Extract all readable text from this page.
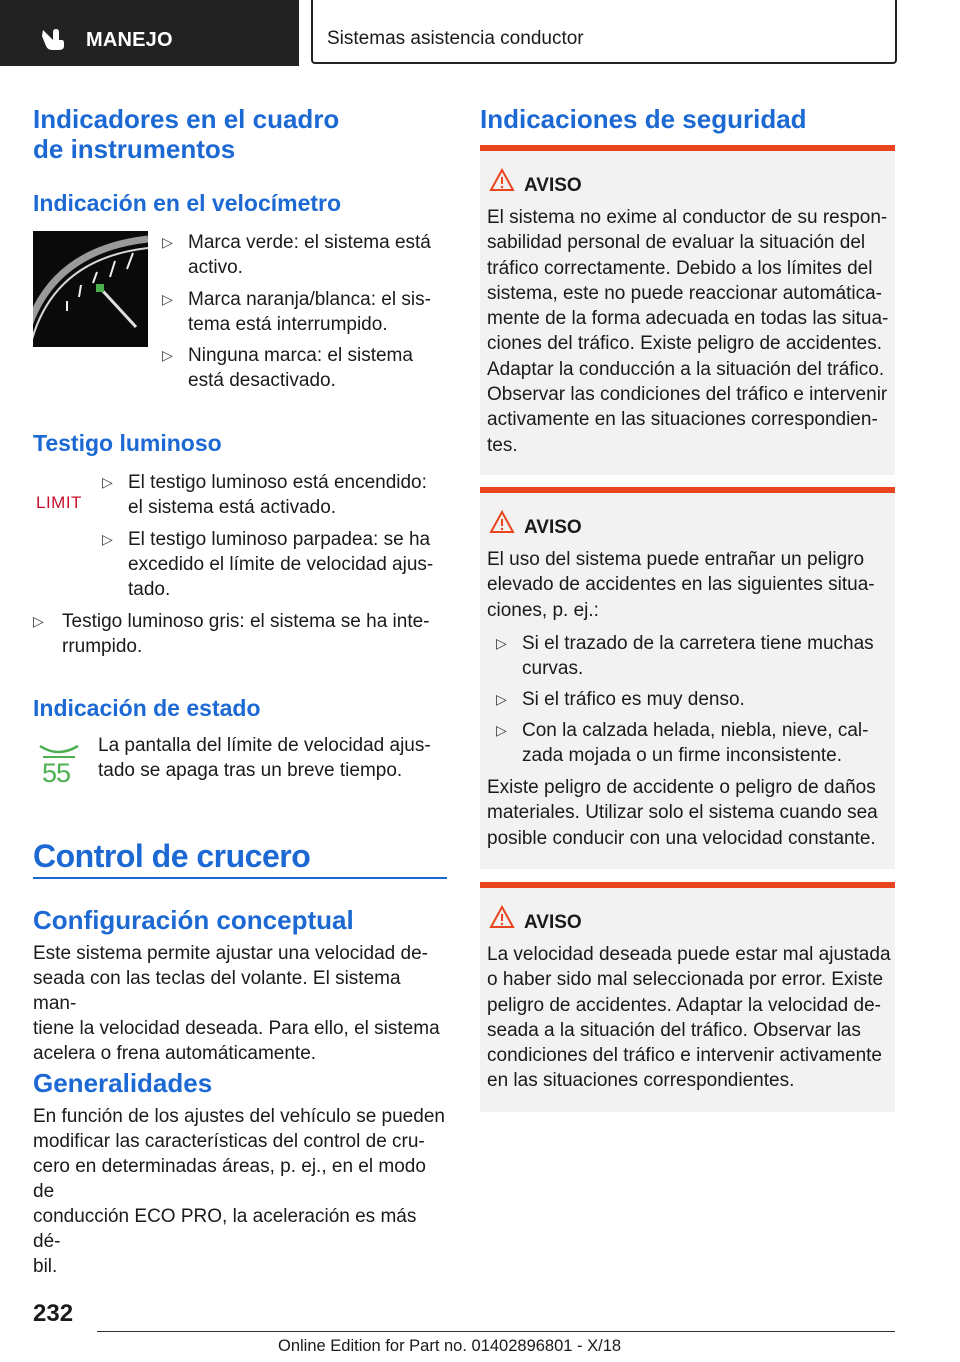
MANEJO	Sistemas asistencia conductor
Indicadores en el cuadro
de instrumentos
Indicación en el velocímetro
▷ Marca verde: el sistema está
activo.
▷ Marca naranja/blanca: el sis-
tema está interrumpido.
▷ Ninguna marca: el sistema
está desactivado.
Testigo luminoso
LIMIT
▷ El testigo luminoso está encendido:
el sistema está activado.
▷ El testigo luminoso parpadea: se ha
excedido el límite de velocidad ajus-
tado.
▷ Testigo luminoso gris: el sistema se ha inte-
rrumpido.
Indicación de estado
55
La pantalla del límite de velocidad ajus-
tado se apaga tras un breve tiempo.
Control de crucero
Configuración conceptual
Este sistema permite ajustar una velocidad de-
seada con las teclas del volante. El sistema man-
tiene la velocidad deseada. Para ello, el sistema
acelera o frena automáticamente.
Generalidades
En función de los ajustes del vehículo se pueden
modificar las características del control de cru-
cero en determinadas áreas, p. ej., en el modo de
conducción ECO PRO, la aceleración es más dé-
bil.
Indicaciones de seguridad
AVISO
El sistema no exime al conductor de su respon-
sabilidad personal de evaluar la situación del
tráfico correctamente. Debido a los límites del
sistema, este no puede reaccionar automática-
mente de la forma adecuada en todas las situa-
ciones del tráfico. Existe peligro de accidentes.
Adaptar la conducción a la situación del tráfico.
Observar las condiciones del tráfico e intervenir
activamente en las situaciones correspondien-
tes.
AVISO
El uso del sistema puede entrañar un peligro
elevado de accidentes en las siguientes situa-
ciones, p. ej.:
▷ Si el trazado de la carretera tiene muchas
curvas.
▷ Si el tráfico es muy denso.
▷ Con la calzada helada, niebla, nieve, cal-
zada mojada o un firme inconsistente.
Existe peligro de accidente o peligro de daños
materiales. Utilizar solo el sistema cuando sea
posible conducir con una velocidad constante.
AVISO
La velocidad deseada puede estar mal ajustada
o haber sido mal seleccionada por error. Existe
peligro de accidentes. Adaptar la velocidad de-
seada a la situación del tráfico. Observar las
condiciones del tráfico e intervenir activamente
en las situaciones correspondientes.
232
Online Edition for Part no. 01402896801 - X/18
